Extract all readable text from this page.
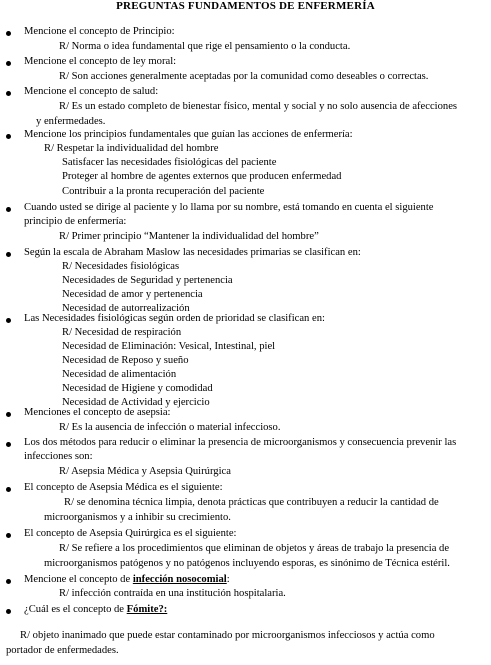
PREGUNTAS FUNDAMENTOS DE ENFERMERÍA
Mencione el concepto de Principio:
R/ Norma o idea fundamental que rige el pensamiento o la conducta.
Mencione el concepto de ley moral:
R/ Son acciones generalmente aceptadas por la comunidad como deseables o correctas.
Mencione el concepto de salud:
R/ Es un estado completo de bienestar físico, mental y social y no solo ausencia de afecciones
y enfermedades.
Mencione los principios fundamentales que guían las acciones de enfermería:
R/ Respetar la individualidad del hombre
Satisfacer las necesidades fisiológicas del paciente
Proteger al hombre de agentes externos que producen enfermedad
Contribuir a la pronta recuperación del paciente
Cuando usted se dirige al paciente y lo llama por su nombre, está tomando en cuenta el siguiente
principio de enfermería:
R/ Primer principio “Mantener la individualidad del hombre”
Según la escala de Abraham Maslow las necesidades primarias se clasifican en:
R/ Necesidades fisiológicas
Necesidades de Seguridad y pertenencia
Necesidad de amor y pertenencia
Necesidad de autorrealización
Las Necesidades fisiológicas según orden de prioridad se clasifican en:
R/ Necesidad de respiración
Necesidad de Eliminación: Vesical, Intestinal, piel
Necesidad de Reposo y sueño
Necesidad de alimentación
Necesidad de Higiene y comodidad
Necesidad de Actividad y ejercicio
Menciones el concepto de asepsia:
R/ Es la ausencia de infección o material infeccioso.
Los dos métodos para reducir o eliminar la presencia de microorganismos y consecuencia prevenir las
infecciones son:
R/ Asepsia Médica y Asepsia Quirúrgica
El concepto de Asepsia Médica es el siguiente:
R/ se denomina técnica limpia, denota prácticas que contribuyen a reducir la cantidad de
microorganismos y a inhibir su crecimiento.
El concepto de Asepsia Quirúrgica es el siguiente:
R/ Se refiere a los procedimientos que eliminan de objetos y áreas de trabajo la presencia de
microorganismos patógenos y no patógenos incluyendo esporas, es sinónimo de Técnica estéril.
Mencione el concepto de infección nosocomial:
R/ infección contraída en una institución hospitalaria.
¿Cuál es el concepto de Fómite?:
R/ objeto inanimado que puede estar contaminado por microorganismos infecciosos y actúa como
portador de enfermedades.
